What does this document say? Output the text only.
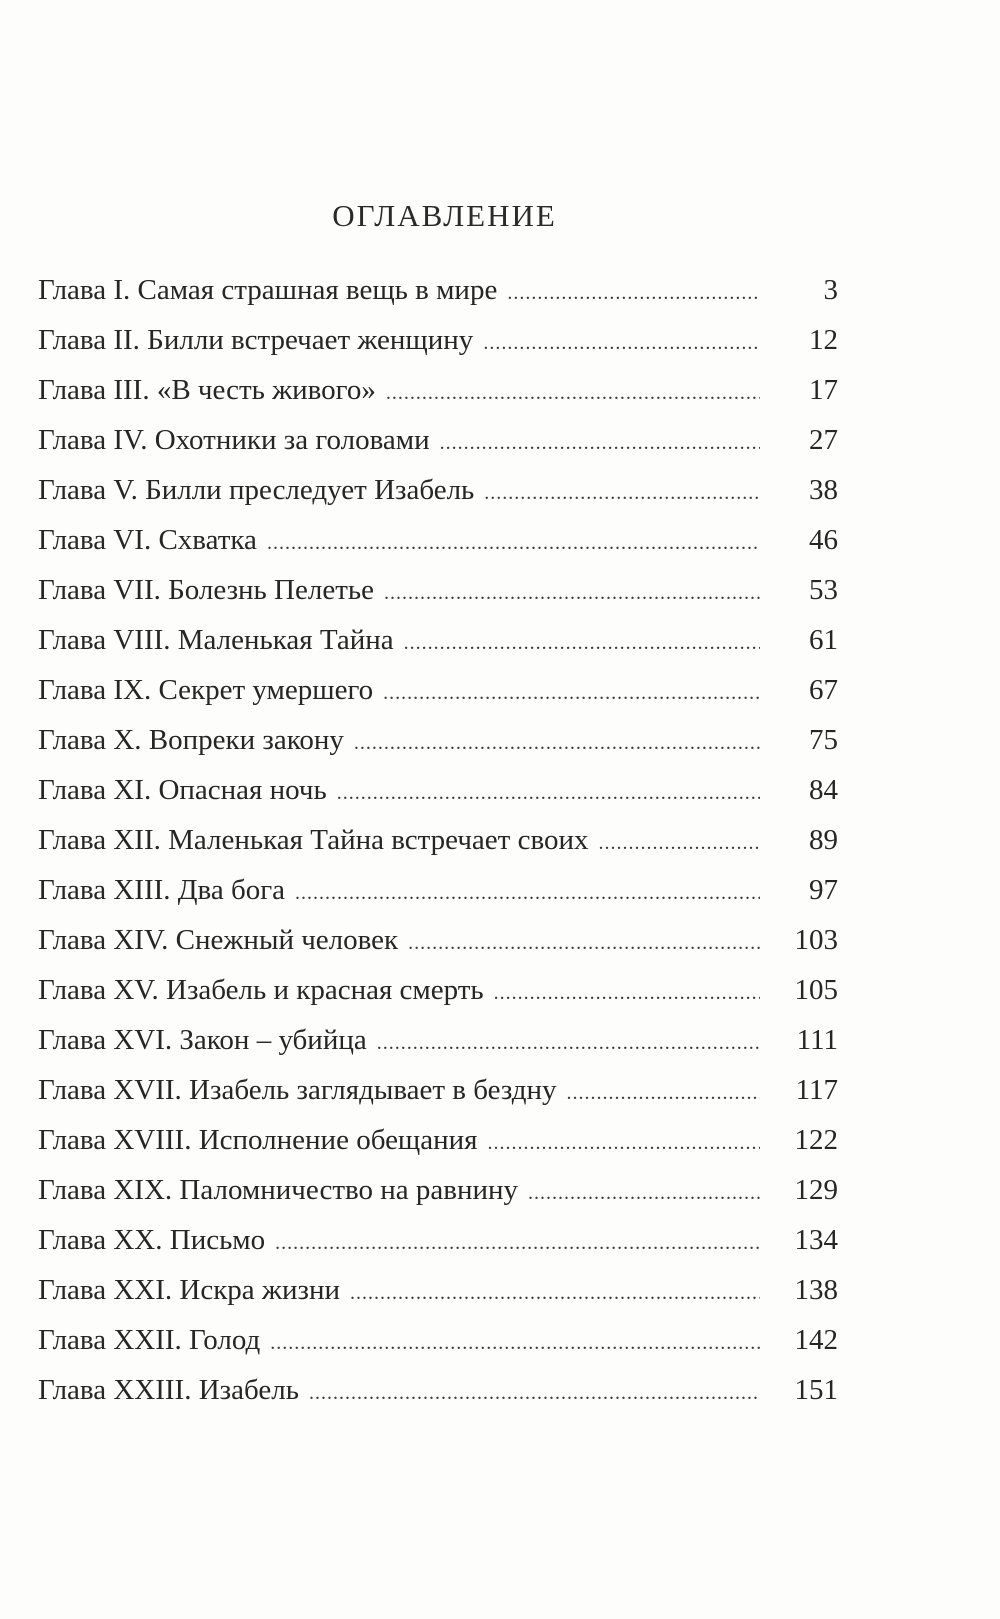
ОГЛАВЛЕНИЕ
Глава I. Самая страшная вещь в мире .....	3
Глава II. Билли встречает женщину .....	12
Глава III. «В честь живого» .....	17
Глава IV. Охотники за головами .....	27
Глава V. Билли преследует Изабель .....	38
Глава VI. Схватка .....	46
Глава VII. Болезнь Пелетье .....	53
Глава VIII. Маленькая Тайна .....	61
Глава IX. Секрет умершего .....	67
Глава X. Вопреки закону .....	75
Глава XI. Опасная ночь .....	84
Глава XII. Маленькая Тайна встречает своих .....	89
Глава XIII. Два бога .....	97
Глава XIV. Снежный человек .....	103
Глава XV. Изабель и красная смерть .....	105
Глава XVI. Закон – убийца .....	111
Глава XVII. Изабель заглядывает в бездну .....	117
Глава XVIII. Исполнение обещания .....	122
Глава XIX. Паломничество на равнину .....	129
Глава XX. Письмо .....	134
Глава XXI. Искра жизни .....	138
Глава XXII. Голод .....	142
Глава XXIII. Изабель .....	151
